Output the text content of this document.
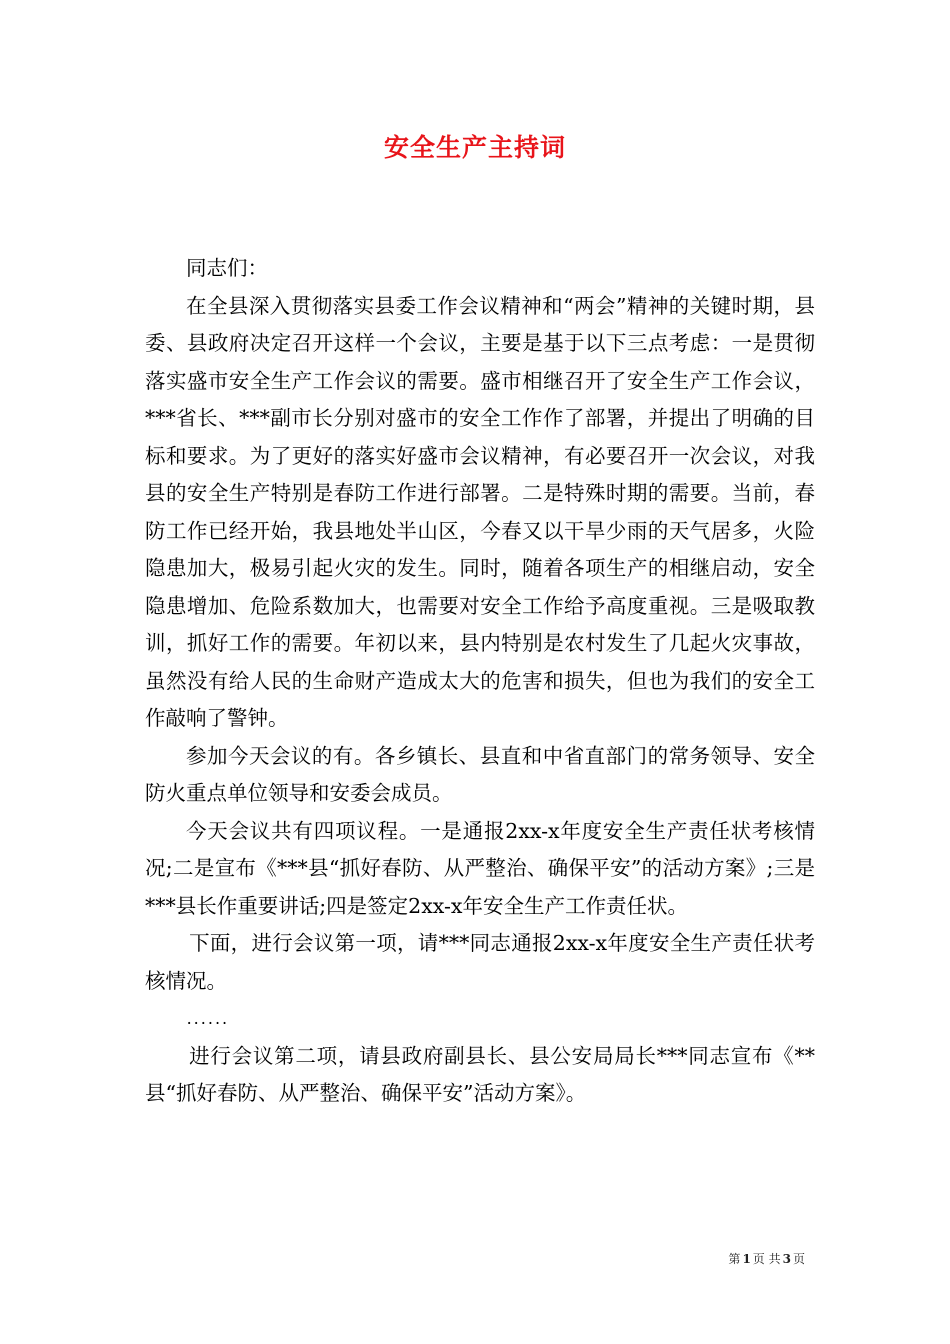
安全生产主持词

同志们：

在全县深入贯彻落实县委工作会议精神和“两会”精神的关键时期，县委、县政府决定召开这样一个会议，主要是基于以下三点考虑：一是贯彻落实盛市安全生产工作会议的需要。盛市相继召开了安全生产工作会议，***省长、***副市长分别对盛市的安全工作作了部署，并提出了明确的目标和要求。为了更好的落实好盛市会议精神，有必要召开一次会议，对我县的安全生产特别是春防工作进行部署。二是特殊时期的需要。当前，春防工作已经开始，我县地处半山区，今春又以干旱少雨的天气居多，火险隐患加大，极易引起火灾的发生。同时，随着各项生产的相继启动，安全隐患增加、危险系数加大，也需要对安全工作给予高度重视。三是吸取教训，抓好工作的需要。年初以来，县内特别是农村发生了几起火灾事故，虽然没有给人民的生命财产造成太大的危害和损失，但也为我们的安全工作敲响了警钟。

参加今天会议的有。各乡镇长、县直和中省直部门的常务领导、安全防火重点单位领导和安委会成员。

今天会议共有四项议程。一是通报2xx-x年度安全生产责任状考核情况;二是宣布《***县“抓好春防、从严整治、确保平安”的活动方案》;三是***县长作重要讲话;四是签定2xx-x年安全生产工作责任状。

下面，进行会议第一项，请***同志通报2xx-x年度安全生产责任状考核情况。

......

进行会议第二项，请县政府副县长、县公安局局长***同志宣布《**县“抓好春防、从严整治、确保平安”活动方案》。

第 1 页 共 3 页
